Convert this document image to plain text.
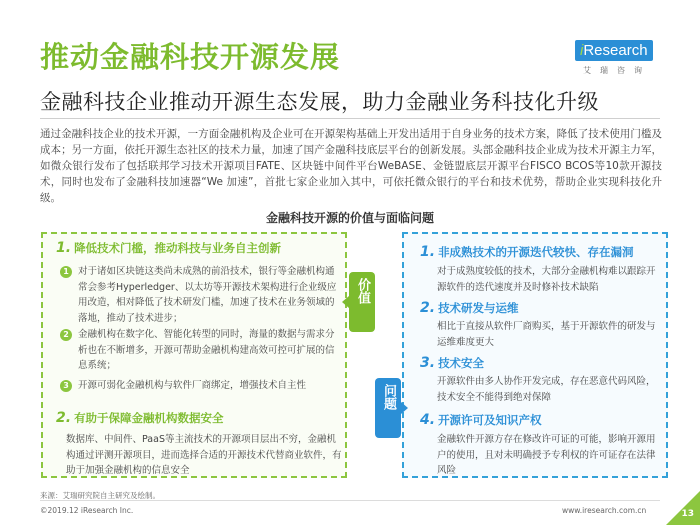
推动金融科技开源发展	iResearch
艾瑞咨询
金融科技企业推动开源生态发展，助力金融业务科技化升级
通过金融科技企业的技术开源，一方面金融机构及企业可在开源架构基础上开发出适用于自身业务的技术方案，降低了技术使用门槛及成本；另一方面，依托开源生态社区的技术力量，加速了国产金融科技底层平台的创新发展。头部金融科技企业成为技术开源主力军，如微众银行发布了包括联邦学习技术开源项目FATE、区块链中间件平台WeBASE、金链盟底层开源平台FISCO BCOS等10款开源技术，同时也发布了金融科技加速器“We 加速”，首批七家企业加入其中，可依托微众银行的平台和技术优势，帮助企业实现科技化升级。
金融科技开源的价值与面临问题
价值
问题
1. 降低技术门槛，推动科技与业务自主创新
1 对于诸如区块链这类尚未成熟的前沿技术，银行等金融机构通常会参考Hyperledger、以太坊等开源技术架构进行企业级应用改造，相对降低了技术研发门槛，加速了技术在业务领域的落地，推动了技术进步；
2 金融机构在数字化、智能化转型的同时，海量的数据与需求分析也在不断增多，开源可帮助金融机构建高效可控可扩展的信息系统；
3 开源可弱化金融机构与软件厂商绑定，增强技术自主性
2. 有助于保障金融机构数据安全
数据库、中间件、PaaS等主流技术的开源项目层出不穷，金融机构通过评测开源项目，进而选择合适的开源技术代替商业软件，有助于加强金融机构的信息安全
1. 非成熟技术的开源迭代较快、存在漏洞
对于成熟度较低的技术，大部分金融机构难以跟踪开源软件的迭代速度并及时修补技术缺陷
2. 技术研发与运维
相比于直接从软件厂商购买，基于开源软件的研发与运维难度更大
3. 技术安全
开源软件由多人协作开发完成，存在恶意代码风险，技术安全不能得到绝对保障
4. 开源许可及知识产权
金融软件开源方存在修改许可证的可能，影响开源用户的使用，且对未明确授予专利权的许可证存在法律风险
来源：艾瑞研究院自主研究及绘制。
©2019.12 iResearch Inc.	www.iresearch.com.cn	13
